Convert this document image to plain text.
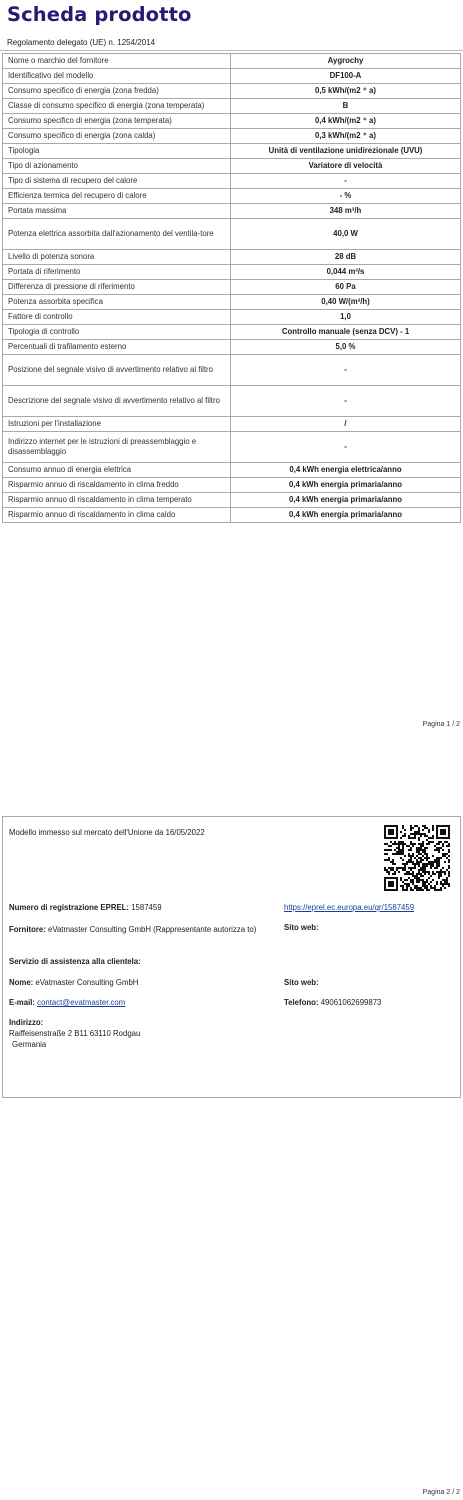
Scheda prodotto
Regolamento delegato (UE) n. 1254/2014
Nome o marchio del fornitore	Aygrochy
Identificativo del modello	DF100-A
Consumo specifico di energia (zona fredda)	0,5 kWh/(m2 ⁺ a)
Classe di consumo specifico di energia (zona temperata)	B
Consumo specifico di energia (zona temperata)	0,4 kWh/(m2 ⁺ a)
Consumo specifico di energia (zona calda)	0,3 kWh/(m2 ⁺ a)
Tipologia	Unità di ventilazione unidirezionale (UVU)
Tipo di azionamento	Variatore di velocità
Tipo di sistema di recupero del calore	-
Efficienza termica del recupero di calore	- %
Portata massima	348 m³/h
Potenza elettrica assorbita dall'azionamento del ventila-tore	40,0 W
Livello di potenza sonora	28 dB
Portata di riferimento	0,044 m³/s
Differenza di pressione di riferimento	60 Pa
Potenza assorbita specifica	0,40 W/(m³/h)
Fattore di controllo	1,0
Tipologia di controllo	Controllo manuale (senza DCV) - 1
Percentuali di trafilamento esterno	5,0 %
Posizione del segnale visivo di avvertimento relativo al filtro	-
Descrizione del segnale visivo di avvertimento relativo al filtro	-
Istruzioni per l'installazione	/
Indirizzo internet per le istruzioni di preassemblaggio e disassemblaggio	-
Consumo annuo di energia elettrica	0,4 kWh energia elettrica/anno
Risparmio annuo di riscaldamento in clima freddo	0,4 kWh energia primaria/anno
Risparmio annuo di riscaldamento in clima temperato	0,4 kWh energia primaria/anno
Risparmio annuo di riscaldamento in clima caldo	0,4 kWh energia primaria/anno
Pagina 1 / 2
Modello immesso sul mercato dell'Unione da 16/05/2022
Numero di registrazione EPREL: 1587459	https://eprel.ec.europa.eu/qr/1587459
Fornitore: eVatmaster Consulting GmbH (Rappresentante autorizza to)	Sito web:
Servizio di assistenza alla clientela:
Nome: eVatmaster Consulting GmbH	Sito web:
E-mail: contact@evatmaster.com	Telefono: 49061062699873
Indirizzo:
Raiffeisenstraße 2 B11 63110 Rodgau
Germania
Pagina 2 / 2
